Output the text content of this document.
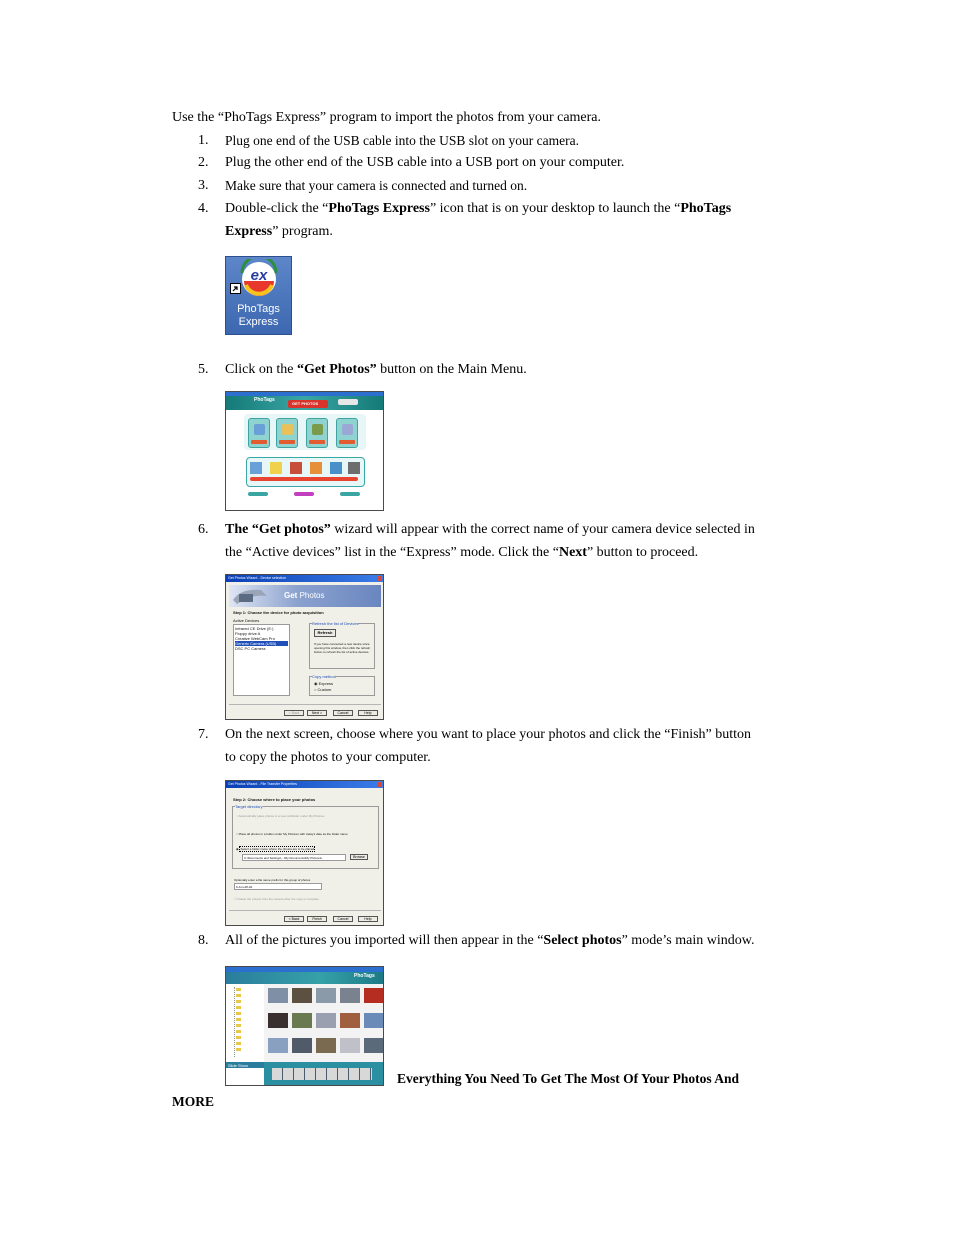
Use the “PhoTags Express” program to import the photos from your camera.
1. Plug one end of the USB cable into the USB slot on your camera.
2. Plug the other end of the USB cable into a USB port on your computer.
3. Make sure that your camera is connected and turned on.
4. Double-click the “PhoTags Express” icon that is on your desktop to launch the “PhoTags
Express” program.
ex
PhoTags
Express
5. Click on the “Get Photos” button on the Main Menu.
PhoTags
GET PHOTOS
6. The “Get photos” wizard will appear with the correct name of your camera device selected in
the “Active devices” list in the “Express” mode. Click the “Next” button to proceed.
Get Photos Wizard - Device selection
Get Photos
Step 1: Choose the device for photo acquisition
Active Devices
Infrared CE Drive (E:)
Floppy drive A
Creative WebCam Pro
Generic Camera (USB)
DSC PC Camera
Refresh the list of Devices
Refresh
If you have connected a new device since opening this window, then click the refresh button to refresh the list of active devices.
Copy method
◉ Express
○ Custom
< Back	Next >	Cancel	Help
7. On the next screen, choose where you want to place your photos and click the “Finish” button
to copy the photos to your computer.
Get Photos Wizard - File Transfer Properties
Step 2: Choose where to place your photos
Target directory
○ Automatically place photos in a new subfolder under My Pictures
○ Place all photos in a folder under My Pictures with today's date as the folder name
◉ Select a folder name where the photos are to be placed
C:\Documents and Settings\...\My Documents\My Pictures\	Browse
Optionally enter a file name prefix for this group of photos
6-Jun-28-04
☐ Delete the photos from the camera after the copy is complete
< Back	Finish	Cancel	Help
8. All of the pictures you imported will then appear in the “Select photos” mode’s main window.
PhoTags
Slide Show
Everything You Need To Get The Most Of Your Photos And
MORE
